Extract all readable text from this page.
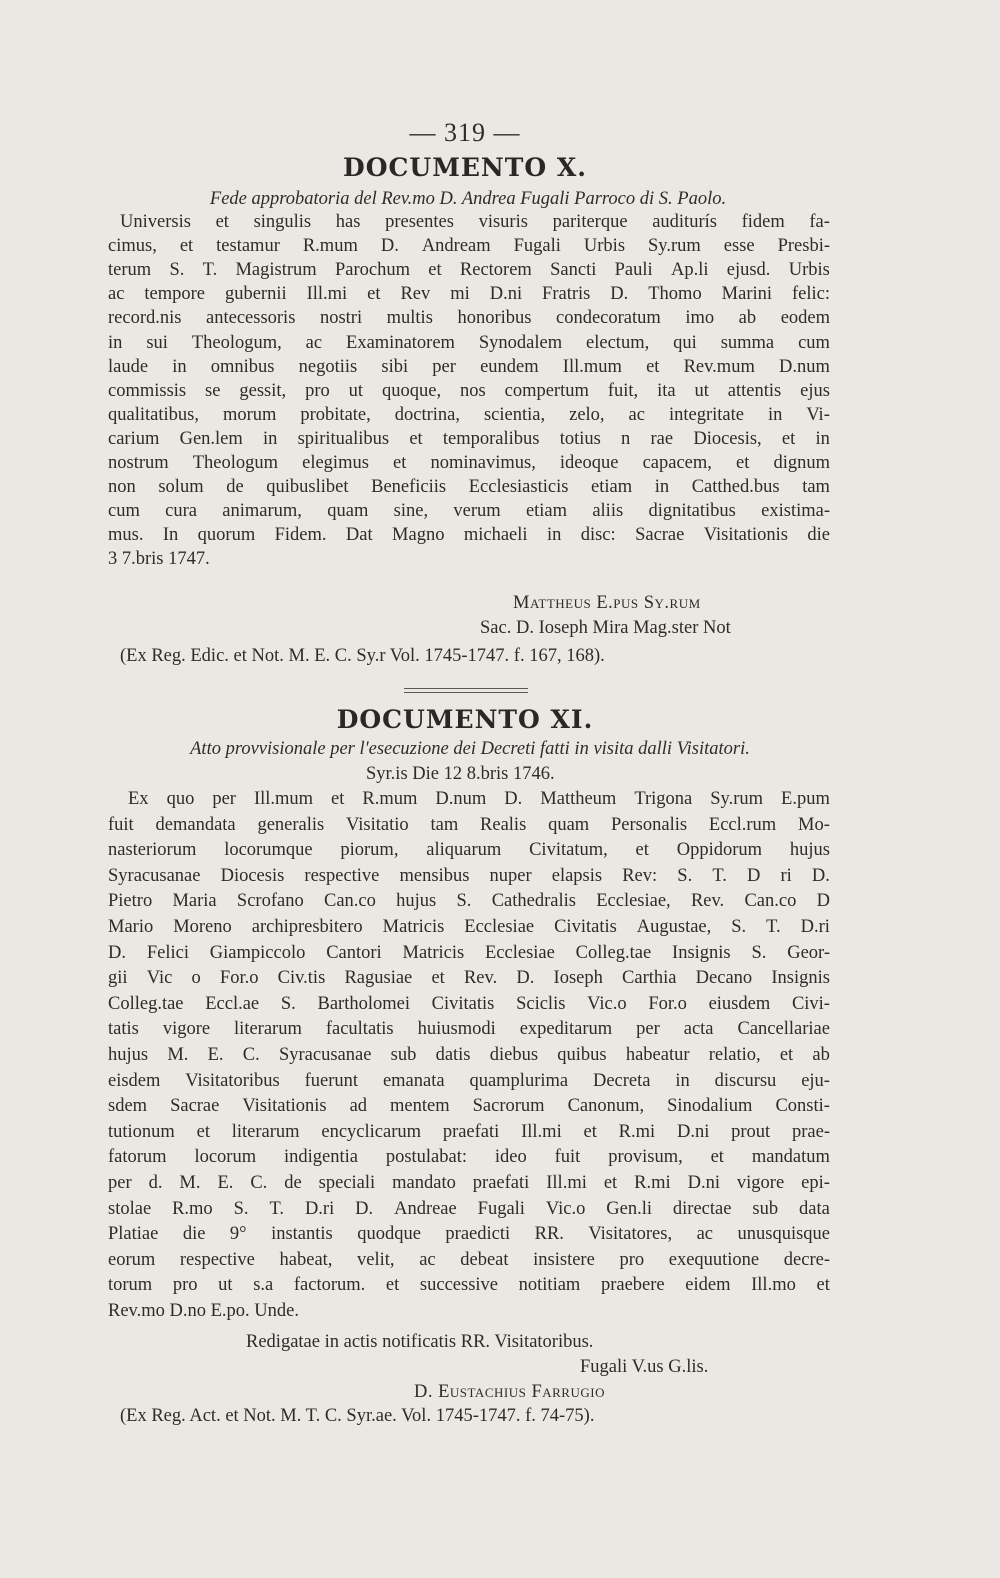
— 319 —
DOCUMENTO X.
Fede approbatoria del Rev.mo D. Andrea Fugali Parroco di S. Paolo.
Universis et singulis has presentes visuris pariterque auditurís fidem fa-
cimus, et testamur R.mum D. Andream Fugali Urbis Sy.rum esse Presbi-
terum S. T. Magistrum Parochum et Rectorem Sancti Pauli Ap.li ejusd. Urbis
ac tempore gubernii Ill.mi et Rev mi D.ni Fratris D. Thomo Marini felic:
record.nis antecessoris nostri multis honoribus condecoratum imo ab eodem
in sui Theologum, ac Examinatorem Synodalem electum, qui summa cum
laude in omnibus negotiis sibi per eundem Ill.mum et Rev.mum D.num
commissis se gessit, pro ut quoque, nos compertum fuit, ita ut attentis ejus
qualitatibus, morum probitate, doctrina, scientia, zelo, ac integritate in Vi-
carium Gen.lem in spiritualibus et temporalibus totius n rae Diocesis, et in
nostrum Theologum elegimus et nominavimus, ideoque capacem, et dignum
non solum de quibuslibet Beneficiis Ecclesiasticis etiam in Catthed.bus tam
cum cura animarum, quam sine, verum etiam aliis dignitatibus existima-
mus. In quorum Fidem. Dat Magno michaeli in disc: Sacrae Visitationis die
3 7.bris 1747.
Mattheus E.pus Sy.rum
Sac. D. Ioseph Mira Mag.ster Not
(Ex Reg. Edic. et Not. M. E. C. Sy.r Vol. 1745-1747. f. 167, 168).
DOCUMENTO XI.
Atto provvisionale per l'esecuzione dei Decreti fatti in visita dalli Visitatori.
Syr.is Die 12 8.bris 1746.
Ex quo per Ill.mum et R.mum D.num D. Mattheum Trigona Sy.rum E.pum
fuit demandata generalis Visitatio tam Realis quam Personalis Eccl.rum Mo-
nasteriorum locorumque piorum, aliquarum Civitatum, et Oppidorum hujus
Syracusanae Diocesis respective mensibus nuper elapsis Rev: S. T. D ri D.
Pietro Maria Scrofano Can.co hujus S. Cathedralis Ecclesiae, Rev. Can.co D
Mario Moreno archipresbitero Matricis Ecclesiae Civitatis Augustae, S. T. D.ri
D. Felici Giampiccolo Cantori Matricis Ecclesiae Colleg.tae Insignis S. Geor-
gii Vic o For.o Civ.tis Ragusiae et Rev. D. Ioseph Carthia Decano Insignis
Colleg.tae Eccl.ae S. Bartholomei Civitatis Sciclis Vic.o For.o eiusdem Civi-
tatis vigore literarum facultatis huiusmodi expeditarum per acta Cancellariae
hujus M. E. C. Syracusanae sub datis diebus quibus habeatur relatio, et ab
eisdem Visitatoribus fuerunt emanata quamplurima Decreta in discursu eju-
sdem Sacrae Visitationis ad mentem Sacrorum Canonum, Sinodalium Consti-
tutionum et literarum encyclicarum praefati Ill.mi et R.mi D.ni prout prae-
fatorum locorum indigentia postulabat: ideo fuit provisum, et mandatum
per d. M. E. C. de speciali mandato praefati Ill.mi et R.mi D.ni vigore epi-
stolae R.mo S. T. D.ri D. Andreae Fugali Vic.o Gen.li directae sub data
Platiae die 9° instantis quodque praedicti RR. Visitatores, ac unusquisque
eorum respective habeat, velit, ac debeat insistere pro exequutione decre-
torum pro ut s.a factorum. et successive notitiam praebere eidem Ill.mo et
Rev.mo D.no E.po. Unde.
Redigatae in actis notificatis RR. Visitatoribus.
Fugali V.us G.lis.
D. Eustachius Farrugio
(Ex Reg. Act. et Not. M. T. C. Syr.ae. Vol. 1745-1747. f. 74-75).
